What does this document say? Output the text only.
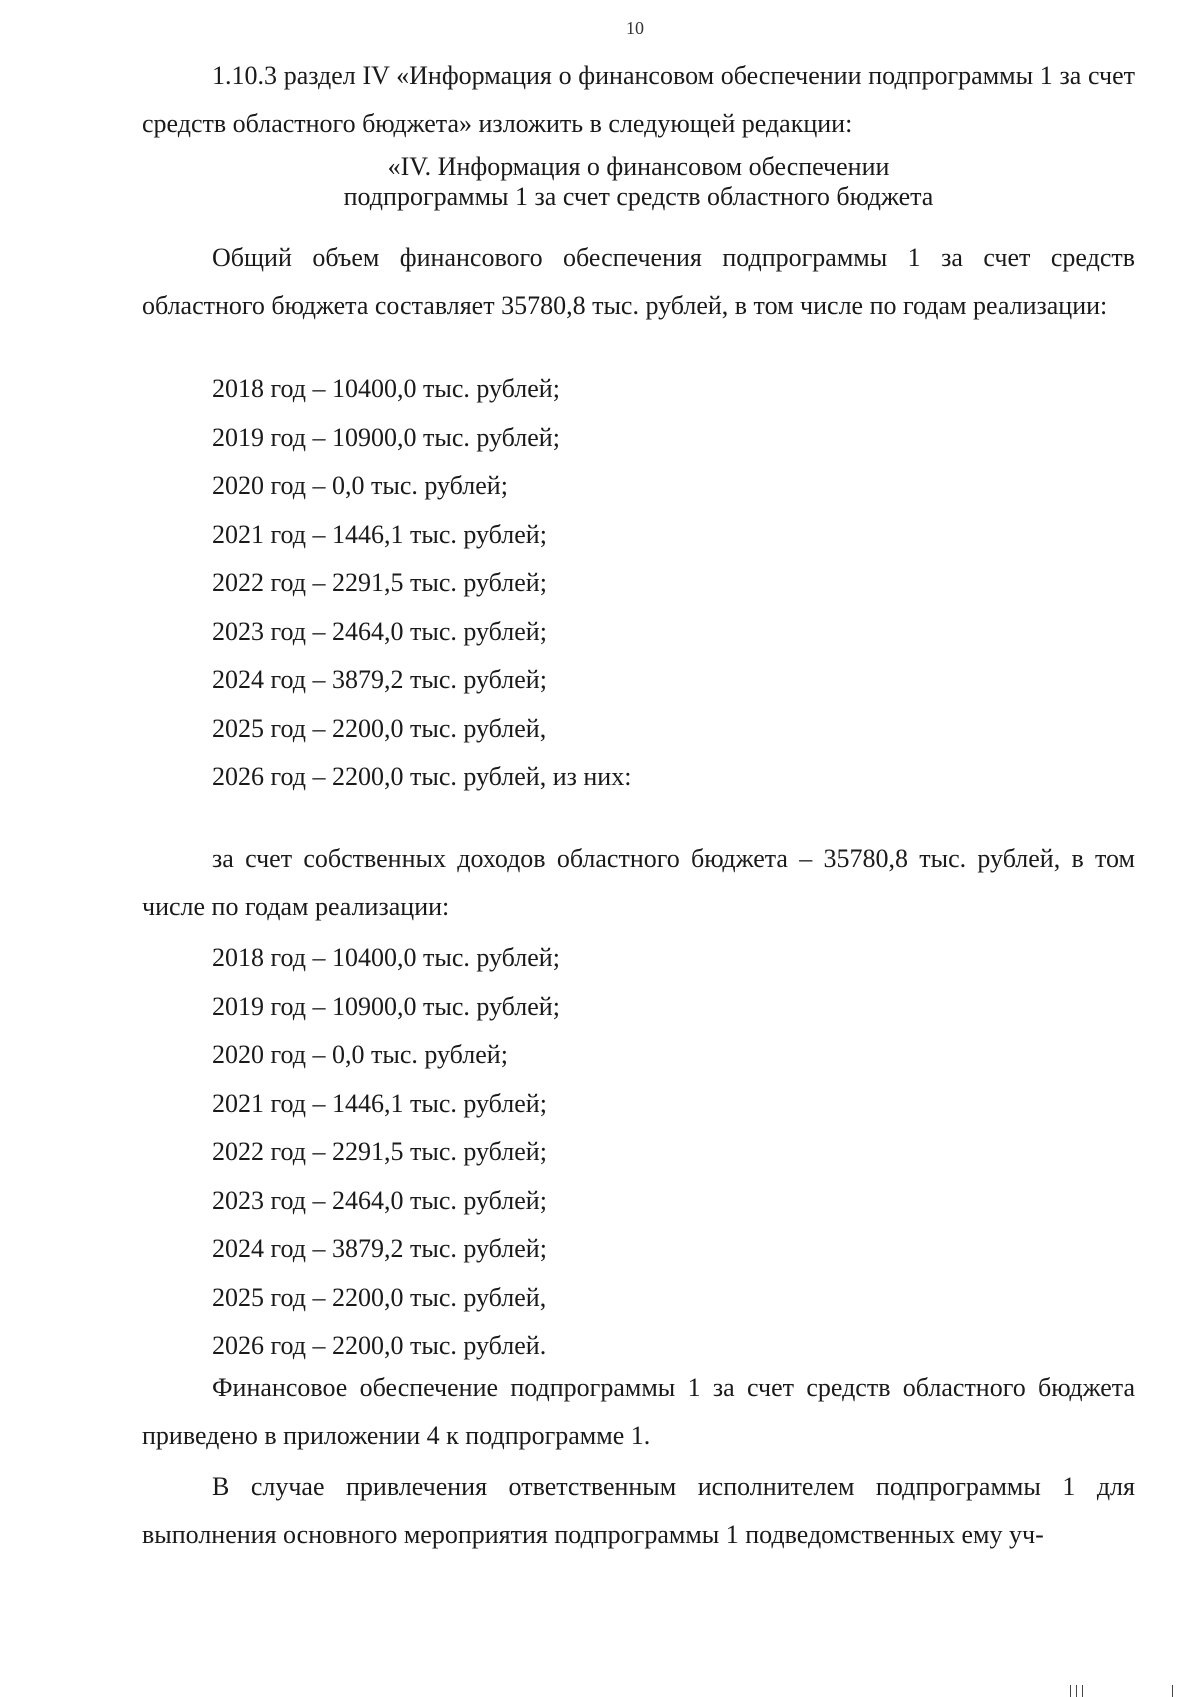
10
1.10.3 раздел IV «Информация о финансовом обеспечении подпрограммы 1 за счет средств областного бюджета» изложить в следующей редакции:
«IV. Информация о финансовом обеспечении
подпрограммы 1 за счет средств областного бюджета
Общий объем финансового обеспечения подпрограммы 1 за счет средств областного бюджета составляет 35780,8 тыс. рублей, в том числе по годам реализации:
2018 год – 10400,0 тыс. рублей;
2019 год – 10900,0 тыс. рублей;
2020 год – 0,0 тыс. рублей;
2021 год – 1446,1 тыс. рублей;
2022 год – 2291,5 тыс. рублей;
2023 год – 2464,0 тыс. рублей;
2024 год – 3879,2 тыс. рублей;
2025 год – 2200,0 тыс. рублей,
2026 год – 2200,0 тыс. рублей, из них:
за счет собственных доходов областного бюджета – 35780,8 тыс. рублей, в том числе по годам реализации:
2018 год – 10400,0 тыс. рублей;
2019 год – 10900,0 тыс. рублей;
2020 год – 0,0 тыс. рублей;
2021 год – 1446,1 тыс. рублей;
2022 год – 2291,5 тыс. рублей;
2023 год – 2464,0 тыс. рублей;
2024 год – 3879,2 тыс. рублей;
2025 год – 2200,0 тыс. рублей,
2026 год – 2200,0 тыс. рублей.
Финансовое обеспечение подпрограммы 1 за счет средств областного бюджета приведено в приложении 4 к подпрограмме 1.
В случае привлечения ответственным исполнителем подпрограммы 1 для выполнения основного мероприятия подпрограммы 1 подведомственных ему уч-
